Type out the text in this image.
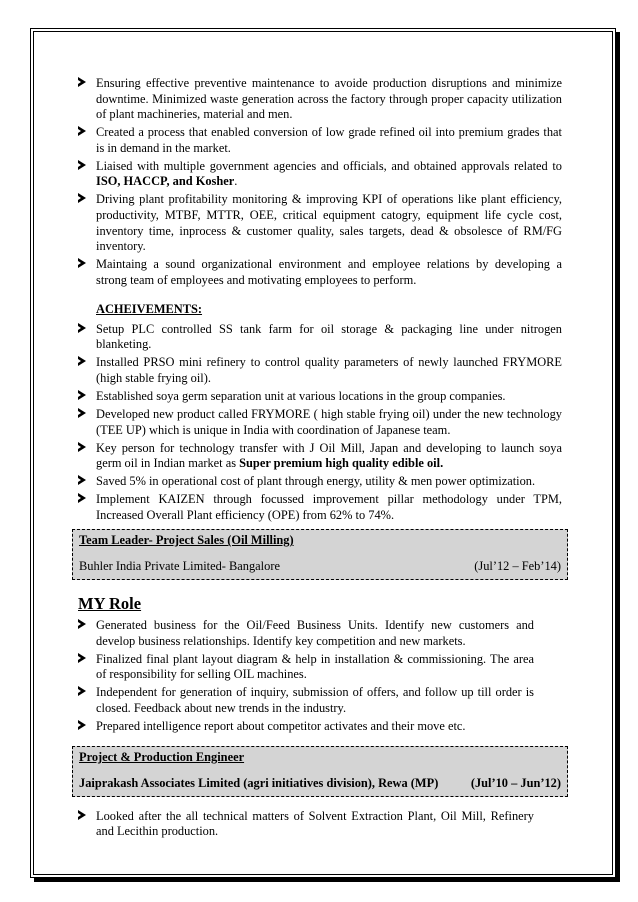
Ensuring effective preventive maintenance to avoide production disruptions and minimize downtime. Minimized waste generation across the factory through proper capacity utilization of plant machineries, material and men.
Created a process that enabled conversion of low grade refined oil into premium grades that is in demand in the market.
Liaised with multiple government agencies and officials, and obtained approvals related to ISO, HACCP, and Kosher.
Driving plant profitability monitoring & improving KPI of operations like plant efficiency, productivity, MTBF, MTTR, OEE, critical equipment catogry, equipment life cycle cost, inventory time, inprocess & customer quality, sales targets, dead & obsolesce of RM/FG inventory.
Maintaing a sound organizational environment and employee relations by developing a strong team of employees and motivating employees to perform.
ACHEIVEMENTS:
Setup PLC controlled SS tank farm for oil storage & packaging line under nitrogen blanketing.
Installed PRSO mini refinery to control quality parameters of newly launched FRYMORE (high stable frying oil).
Established soya germ separation unit at various locations in the group companies.
Developed new product called FRYMORE ( high stable frying oil) under the new technology (TEE UP) which is unique in India with coordination of Japanese team.
Key person for technology transfer with J Oil Mill, Japan and developing to launch soya germ oil in Indian market as Super premium high quality edible oil.
Saved 5% in operational cost of plant through energy, utility & men power optimization.
Implement KAIZEN through focussed improvement pillar methodology under TPM, Increased Overall Plant efficiency (OPE) from 62% to 74%.
Team Leader- Project Sales (Oil Milling)
Buhler India Private Limited- Bangalore	(Jul’12 – Feb’14)
MY Role
Generated business for the Oil/Feed Business Units. Identify new customers and develop business relationships. Identify key competition and new markets.
Finalized final plant layout diagram & help in installation & commissioning. The area of responsibility for selling OIL machines.
Independent for generation of inquiry, submission of offers, and follow up till order is closed. Feedback about new trends in the industry.
Prepared intelligence report about competitor activates and their move etc.
Project & Production Engineer
Jaiprakash Associates Limited (agri initiatives division), Rewa (MP)	(Jul’10 – Jun’12)
Looked after the all technical matters of Solvent Extraction Plant, Oil Mill, Refinery and Lecithin production.
